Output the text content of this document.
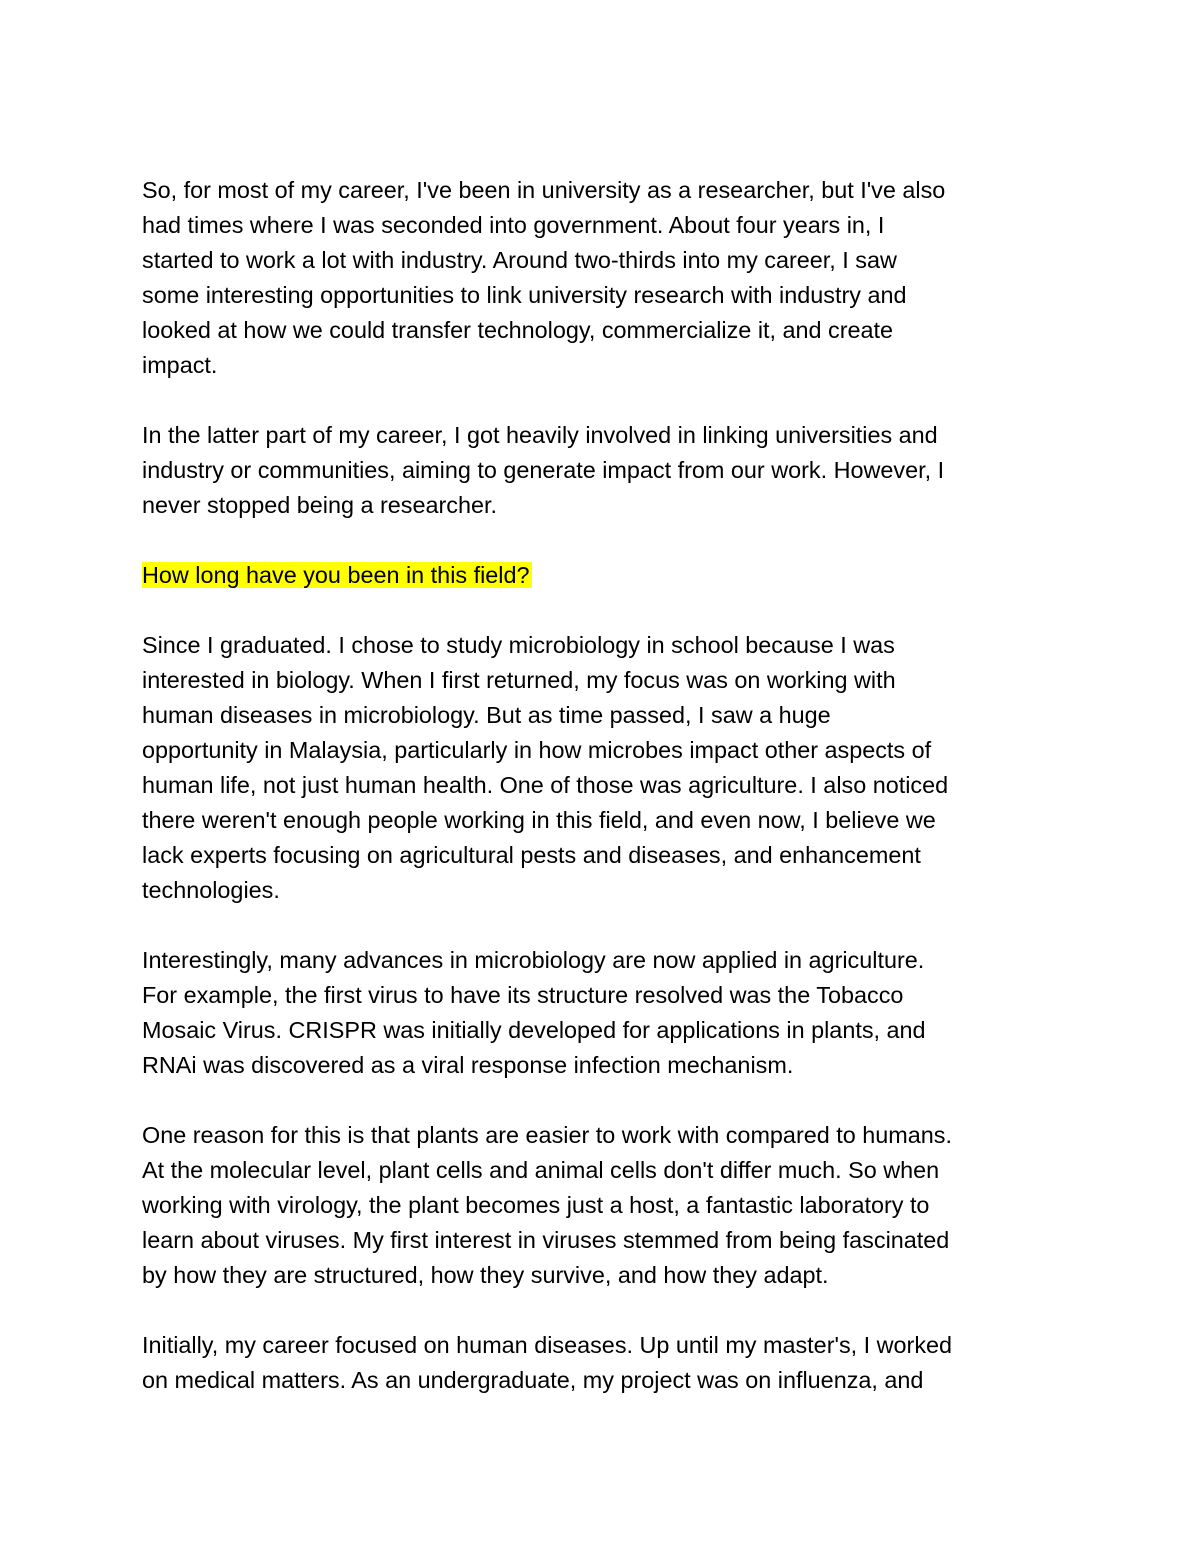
So, for most of my career, I've been in university as a researcher, but I've also
had times where I was seconded into government. About four years in, I
started to work a lot with industry. Around two-thirds into my career, I saw
some interesting opportunities to link university research with industry and
looked at how we could transfer technology, commercialize it, and create
impact.

In the latter part of my career, I got heavily involved in linking universities and
industry or communities, aiming to generate impact from our work. However, I
never stopped being a researcher.

How long have you been in this field?

Since I graduated. I chose to study microbiology in school because I was
interested in biology. When I first returned, my focus was on working with
human diseases in microbiology. But as time passed, I saw a huge
opportunity in Malaysia, particularly in how microbes impact other aspects of
human life, not just human health. One of those was agriculture. I also noticed
there weren't enough people working in this field, and even now, I believe we
lack experts focusing on agricultural pests and diseases, and enhancement
technologies.

Interestingly, many advances in microbiology are now applied in agriculture.
For example, the first virus to have its structure resolved was the Tobacco
Mosaic Virus. CRISPR was initially developed for applications in plants, and
RNAi was discovered as a viral response infection mechanism.

One reason for this is that plants are easier to work with compared to humans.
At the molecular level, plant cells and animal cells don't differ much. So when
working with virology, the plant becomes just a host, a fantastic laboratory to
learn about viruses. My first interest in viruses stemmed from being fascinated
by how they are structured, how they survive, and how they adapt.

Initially, my career focused on human diseases. Up until my master's, I worked
on medical matters. As an undergraduate, my project was on influenza, and
